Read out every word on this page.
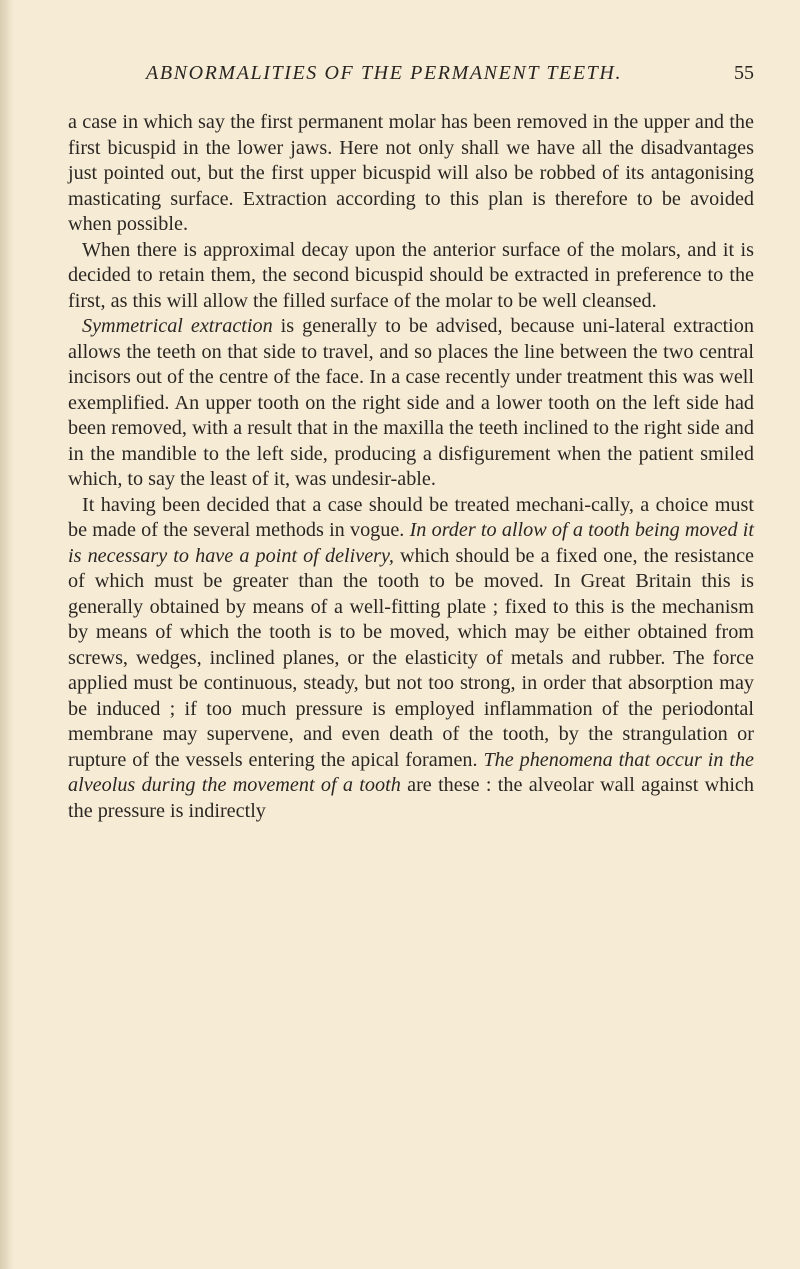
ABNORMALITIES OF THE PERMANENT TEETH.	55

a case in which say the first permanent molar has been removed in the upper and the first bicuspid in the lower jaws. Here not only shall we have all the disadvantages just pointed out, but the first upper bicuspid will also be robbed of its antagonising masticating surface. Extraction according to this plan is therefore to be avoided when possible.

When there is approximal decay upon the anterior surface of the molars, and it is decided to retain them, the second bicuspid should be extracted in preference to the first, as this will allow the filled surface of the molar to be well cleansed.

Symmetrical extraction is generally to be advised, because uni-lateral extraction allows the teeth on that side to travel, and so places the line between the two central incisors out of the centre of the face. In a case recently under treatment this was well exemplified. An upper tooth on the right side and a lower tooth on the left side had been removed, with a result that in the maxilla the teeth inclined to the right side and in the mandible to the left side, producing a disfigurement when the patient smiled which, to say the least of it, was undesir-able.

It having been decided that a case should be treated mechani-cally, a choice must be made of the several methods in vogue. In order to allow of a tooth being moved it is necessary to have a point of delivery, which should be a fixed one, the resistance of which must be greater than the tooth to be moved. In Great Britain this is generally obtained by means of a well-fitting plate ; fixed to this is the mechanism by means of which the tooth is to be moved, which may be either obtained from screws, wedges, inclined planes, or the elasticity of metals and rubber. The force applied must be continuous, steady, but not too strong, in order that absorption may be induced ; if too much pressure is employed inflammation of the periodontal membrane may supervene, and even death of the tooth, by the strangulation or rupture of the vessels entering the apical foramen. The phenomena that occur in the alveolus during the movement of a tooth are these : the alveolar wall against which the pressure is indirectly
